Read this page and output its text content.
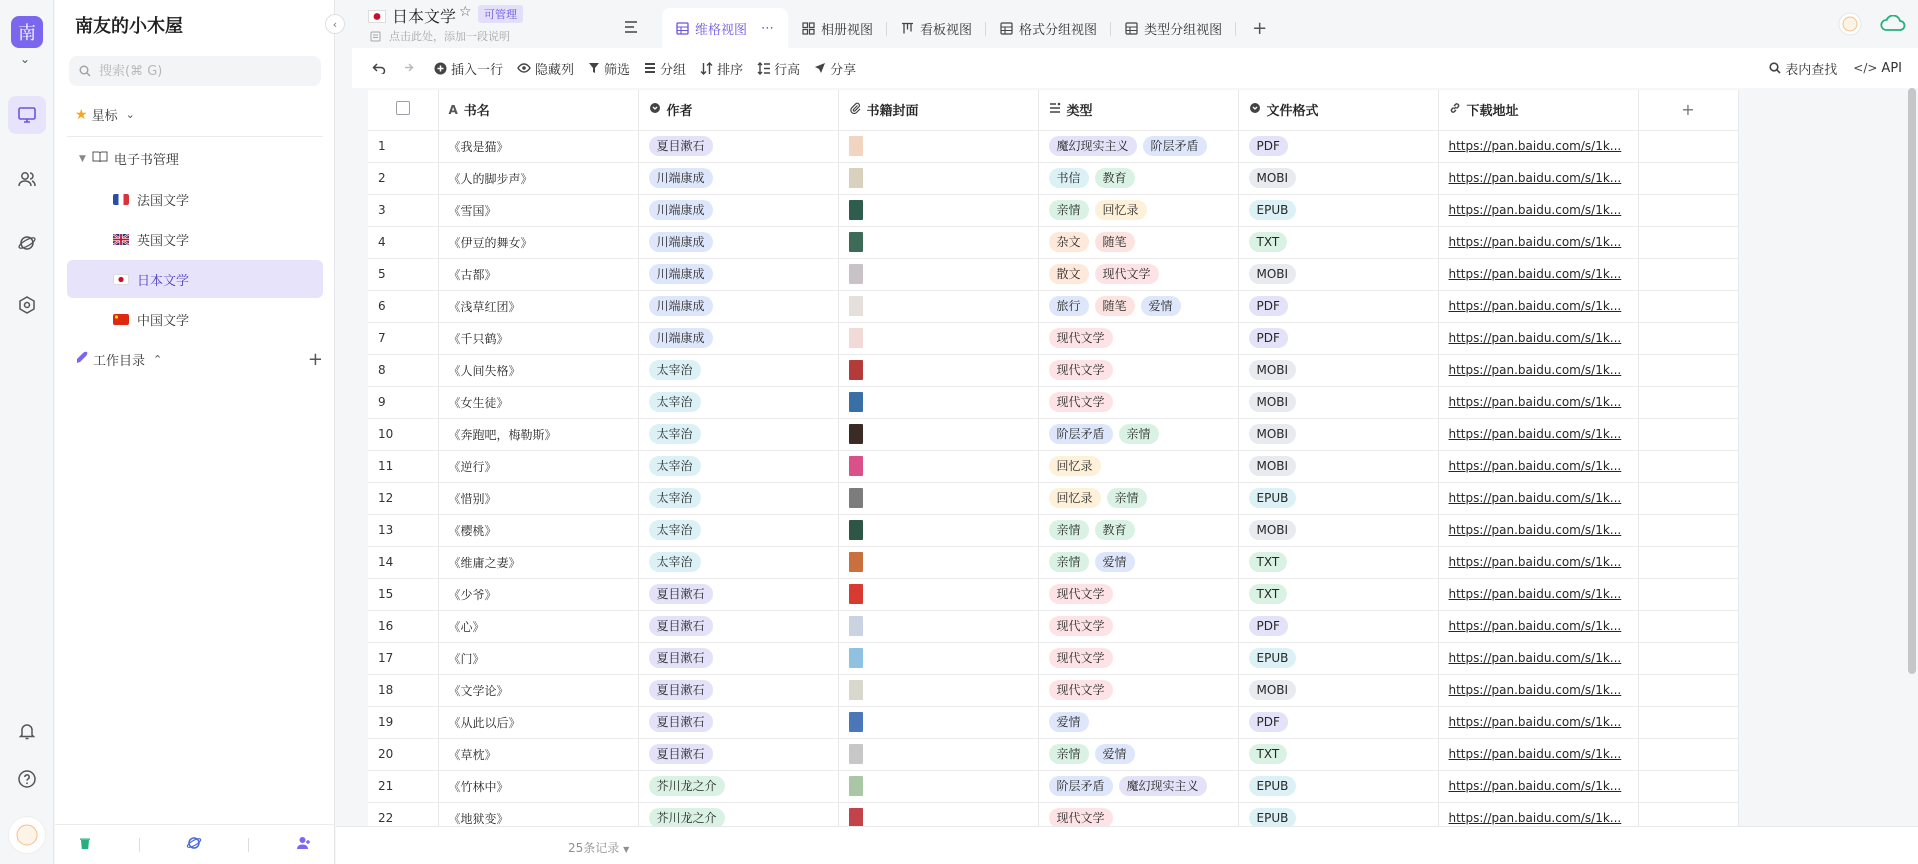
南
⌄
南友的小木屋	‹
搜索(⌘ G)
★ 星标 ⌄
▼ 电子书管理
法国文学
英国文学
日本文学
中国文学
工作目录 ⌃	+
日本文学 ☆	可管理
点击此处，添加一段说明	维格视图 ⋯	相册视图	看板视图	格式分组视图	类型分组视图	+
插入一行 隐藏列 筛选 分组 排序 行高 分享	表内查找 </> API

	A 书名	作者	书籍封面	类型	文件格式	下载地址	+
1	《我是猫》	夏目漱石		魔幻现实主义 阶层矛盾	PDF	https://pan.baidu.com/s/1k...	
2	《人的脚步声》	川端康成		书信 教育	MOBI	https://pan.baidu.com/s/1k...	
3	《雪国》	川端康成		亲情 回忆录	EPUB	https://pan.baidu.com/s/1k...	
4	《伊豆的舞女》	川端康成		杂文 随笔	TXT	https://pan.baidu.com/s/1k...	
5	《古都》	川端康成		散文 现代文学	MOBI	https://pan.baidu.com/s/1k...	
6	《浅草红团》	川端康成		旅行 随笔 爱情	PDF	https://pan.baidu.com/s/1k...	
7	《千只鹤》	川端康成		现代文学	PDF	https://pan.baidu.com/s/1k...	
8	《人间失格》	太宰治		现代文学	MOBI	https://pan.baidu.com/s/1k...	
9	《女生徒》	太宰治		现代文学	MOBI	https://pan.baidu.com/s/1k...	
10	《奔跑吧，梅勒斯》	太宰治		阶层矛盾 亲情	MOBI	https://pan.baidu.com/s/1k...	
11	《逆行》	太宰治		回忆录	MOBI	https://pan.baidu.com/s/1k...	
12	《惜别》	太宰治		回忆录 亲情	EPUB	https://pan.baidu.com/s/1k...	
13	《樱桃》	太宰治		亲情 教育	MOBI	https://pan.baidu.com/s/1k...	
14	《维庸之妻》	太宰治		亲情 爱情	TXT	https://pan.baidu.com/s/1k...	
15	《少爷》	夏目漱石		现代文学	TXT	https://pan.baidu.com/s/1k...	
16	《心》	夏目漱石		现代文学	PDF	https://pan.baidu.com/s/1k...	
17	《门》	夏目漱石		现代文学	EPUB	https://pan.baidu.com/s/1k...	
18	《文学论》	夏目漱石		现代文学	MOBI	https://pan.baidu.com/s/1k...	
19	《从此以后》	夏目漱石		爱情	PDF	https://pan.baidu.com/s/1k...	
20	《草枕》	夏目漱石		亲情 爱情	TXT	https://pan.baidu.com/s/1k...	
21	《竹林中》	芥川龙之介		阶层矛盾 魔幻现实主义	EPUB	https://pan.baidu.com/s/1k...	
22	《地狱变》	芥川龙之介		现代文学	EPUB	https://pan.baidu.com/s/1k...	
25条记录 ▼
